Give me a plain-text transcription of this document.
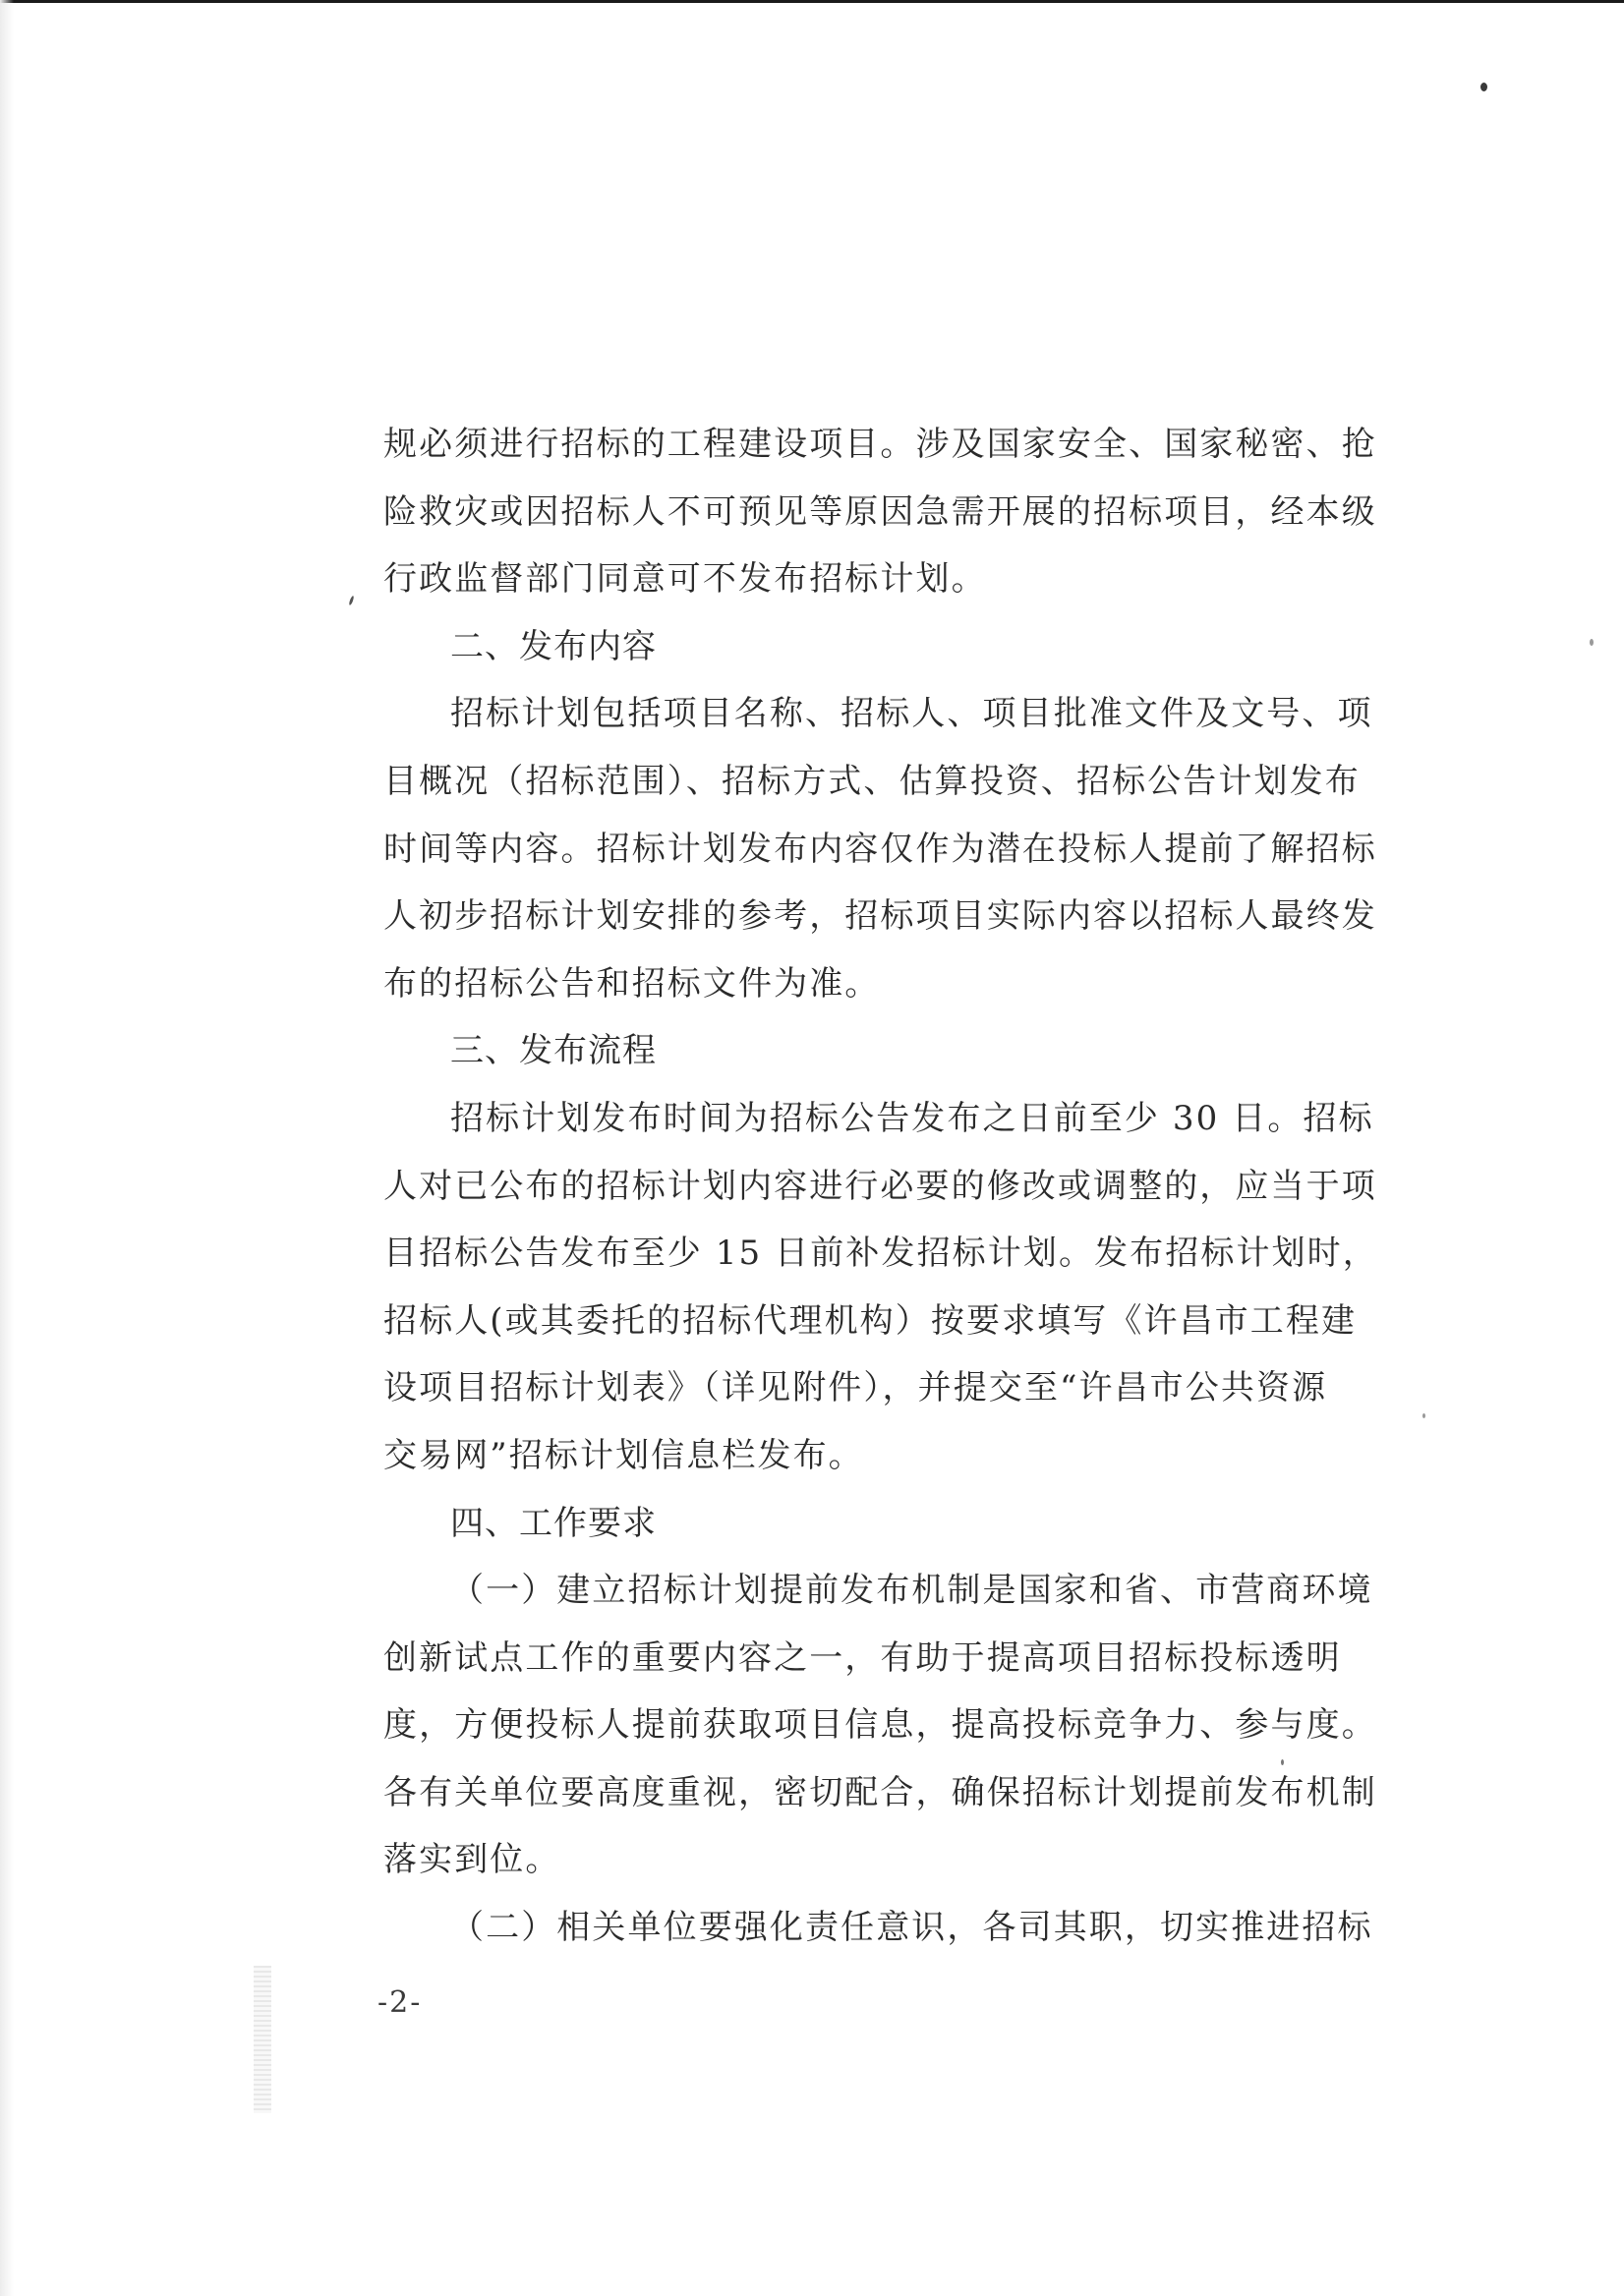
规必须进行招标的工程建设项目。涉及国家安全、国家秘密、抢
险救灾或因招标人不可预见等原因急需开展的招标项目，经本级
行政监督部门同意可不发布招标计划。
二、发布内容
招标计划包括项目名称、招标人、项目批准文件及文号、项
目概况（招标范围）、招标方式、估算投资、招标公告计划发布
时间等内容。招标计划发布内容仅作为潜在投标人提前了解招标
人初步招标计划安排的参考，招标项目实际内容以招标人最终发
布的招标公告和招标文件为准。
三、发布流程
招标计划发布时间为招标公告发布之日前至少 30 日。招标
人对已公布的招标计划内容进行必要的修改或调整的，应当于项
目招标公告发布至少 15 日前补发招标计划。发布招标计划时，
招标人(或其委托的招标代理机构）按要求填写《许昌市工程建
设项目招标计划表》（详见附件），并提交至“许昌市公共资源
交易网”招标计划信息栏发布。
四、工作要求
（一）建立招标计划提前发布机制是国家和省、市营商环境
创新试点工作的重要内容之一，有助于提高项目招标投标透明
度，方便投标人提前获取项目信息，提高投标竞争力、参与度。
各有关单位要高度重视，密切配合，确保招标计划提前发布机制
落实到位。
（二）相关单位要强化责任意识，各司其职，切实推进招标
-2-
